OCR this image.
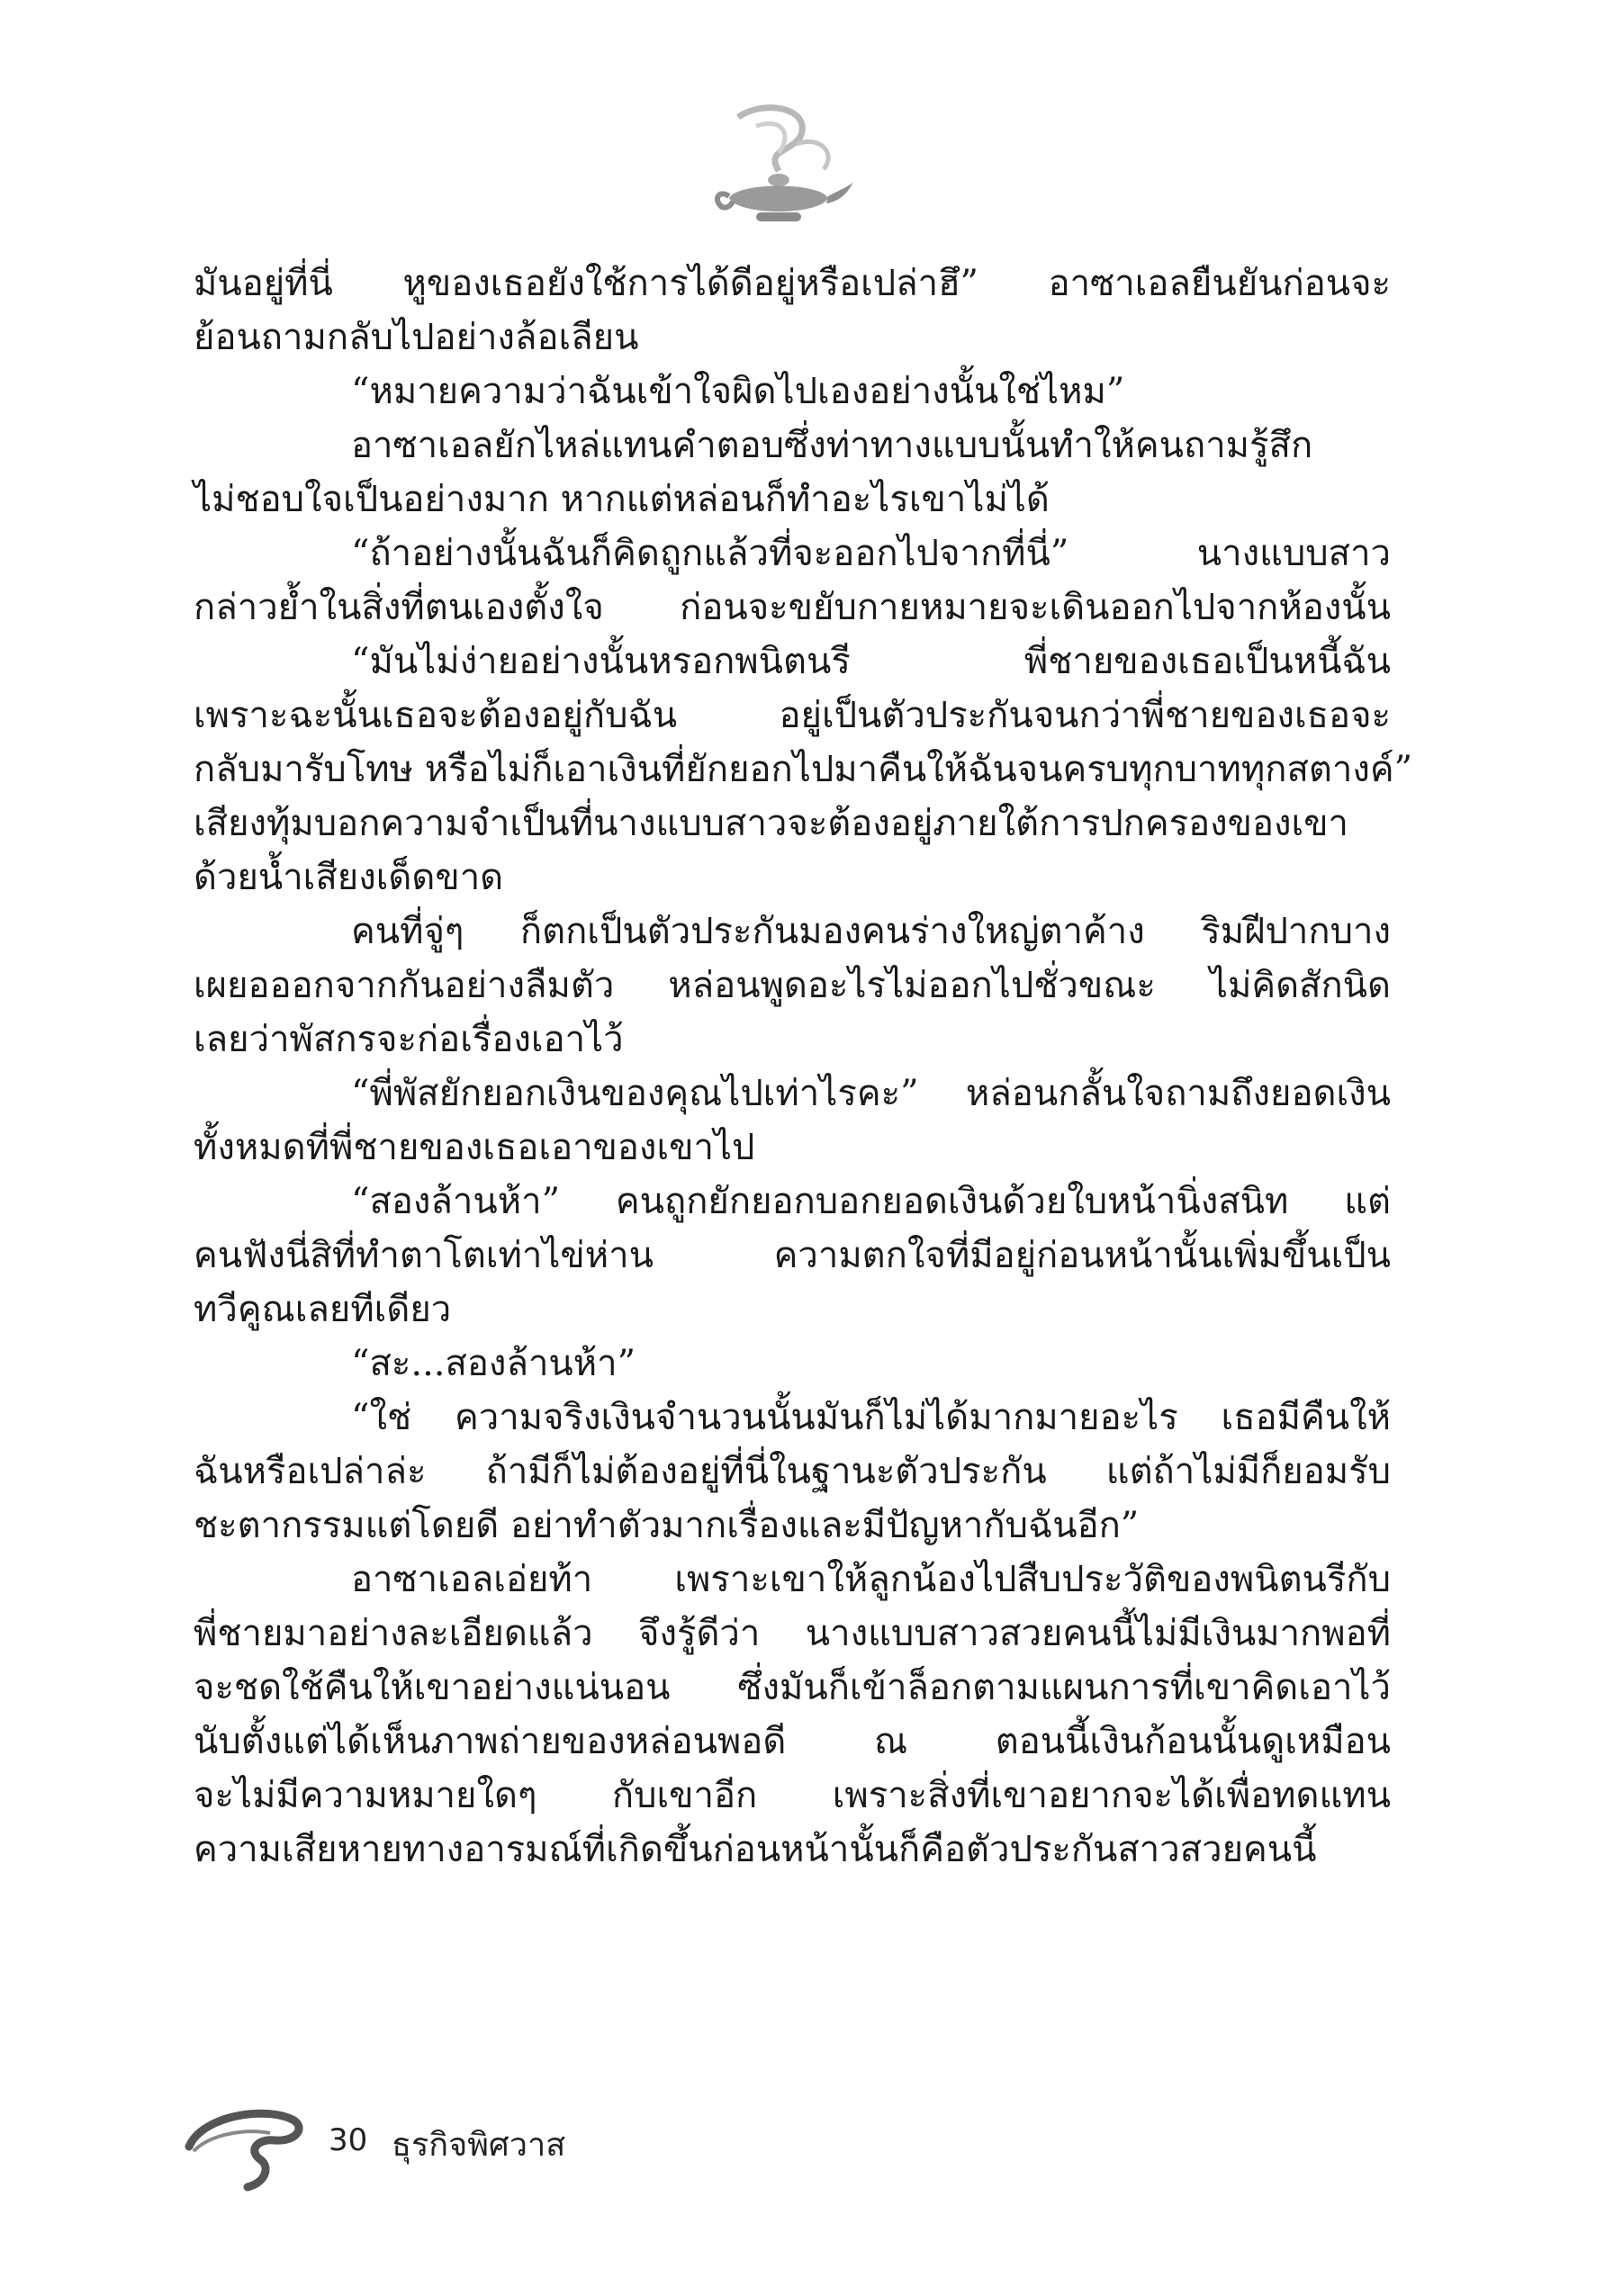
มันอยู่ที่นี่ หูของเธอยังใช้การได้ดีอยู่หรือเปล่าฮึ” อาซาเอลยืนยันก่อนจะ
ย้อนถามกลับไปอย่างล้อเลียน
“หมายความว่าฉันเข้าใจผิดไปเองอย่างนั้นใช่ไหม”
อาซาเอลยักไหล่แทนคำตอบซึ่งท่าทางแบบนั้นทำให้คนถามรู้สึก
ไม่ชอบใจเป็นอย่างมาก หากแต่หล่อนก็ทำอะไรเขาไม่ได้
“ถ้าอย่างนั้นฉันก็คิดถูกแล้วที่จะออกไปจากที่นี่” นางแบบสาว
กล่าวย้ำในสิ่งที่ตนเองตั้งใจ ก่อนจะขยับกายหมายจะเดินออกไปจากห้องนั้น
“มันไม่ง่ายอย่างนั้นหรอกพนิตนรี พี่ชายของเธอเป็นหนี้ฉัน
เพราะฉะนั้นเธอจะต้องอยู่กับฉัน อยู่เป็นตัวประกันจนกว่าพี่ชายของเธอจะ
กลับมารับโทษ หรือไม่ก็เอาเงินที่ยักยอกไปมาคืนให้ฉันจนครบทุกบาททุกสตางค์”
เสียงทุ้มบอกความจำเป็นที่นางแบบสาวจะต้องอยู่ภายใต้การปกครองของเขา
ด้วยน้ำเสียงเด็ดขาด
คนที่จู่ๆ ก็ตกเป็นตัวประกันมองคนร่างใหญ่ตาค้าง ริมฝีปากบาง
เผยอออกจากกันอย่างลืมตัว หล่อนพูดอะไรไม่ออกไปชั่วขณะ ไม่คิดสักนิด
เลยว่าพัสกรจะก่อเรื่องเอาไว้
“พี่พัสยักยอกเงินของคุณไปเท่าไรคะ” หล่อนกลั้นใจถามถึงยอดเงิน
ทั้งหมดที่พี่ชายของเธอเอาของเขาไป
“สองล้านห้า” คนถูกยักยอกบอกยอดเงินด้วยใบหน้านิ่งสนิท แต่
คนฟังนี่สิที่ทำตาโตเท่าไข่ห่าน ความตกใจที่มีอยู่ก่อนหน้านั้นเพิ่มขึ้นเป็น
ทวีคูณเลยทีเดียว
“สะ...สองล้านห้า”
“ใช่ ความจริงเงินจำนวนนั้นมันก็ไม่ได้มากมายอะไร เธอมีคืนให้
ฉันหรือเปล่าล่ะ ถ้ามีก็ไม่ต้องอยู่ที่นี่ในฐานะตัวประกัน แต่ถ้าไม่มีก็ยอมรับ
ชะตากรรมแต่โดยดี อย่าทำตัวมากเรื่องและมีปัญหากับฉันอีก”
อาซาเอลเอ่ยท้า เพราะเขาให้ลูกน้องไปสืบประวัติของพนิตนรีกับ
พี่ชายมาอย่างละเอียดแล้ว จึงรู้ดีว่า นางแบบสาวสวยคนนี้ไม่มีเงินมากพอที่
จะชดใช้คืนให้เขาอย่างแน่นอน ซึ่งมันก็เข้าล็อกตามแผนการที่เขาคิดเอาไว้
นับตั้งแต่ได้เห็นภาพถ่ายของหล่อนพอดี ณ ตอนนี้เงินก้อนนั้นดูเหมือน
จะไม่มีความหมายใดๆ กับเขาอีก เพราะสิ่งที่เขาอยากจะได้เพื่อทดแทน
ความเสียหายทางอารมณ์ที่เกิดขึ้นก่อนหน้านั้นก็คือตัวประกันสาวสวยคนนี้
30 ธุรกิจพิศวาส
